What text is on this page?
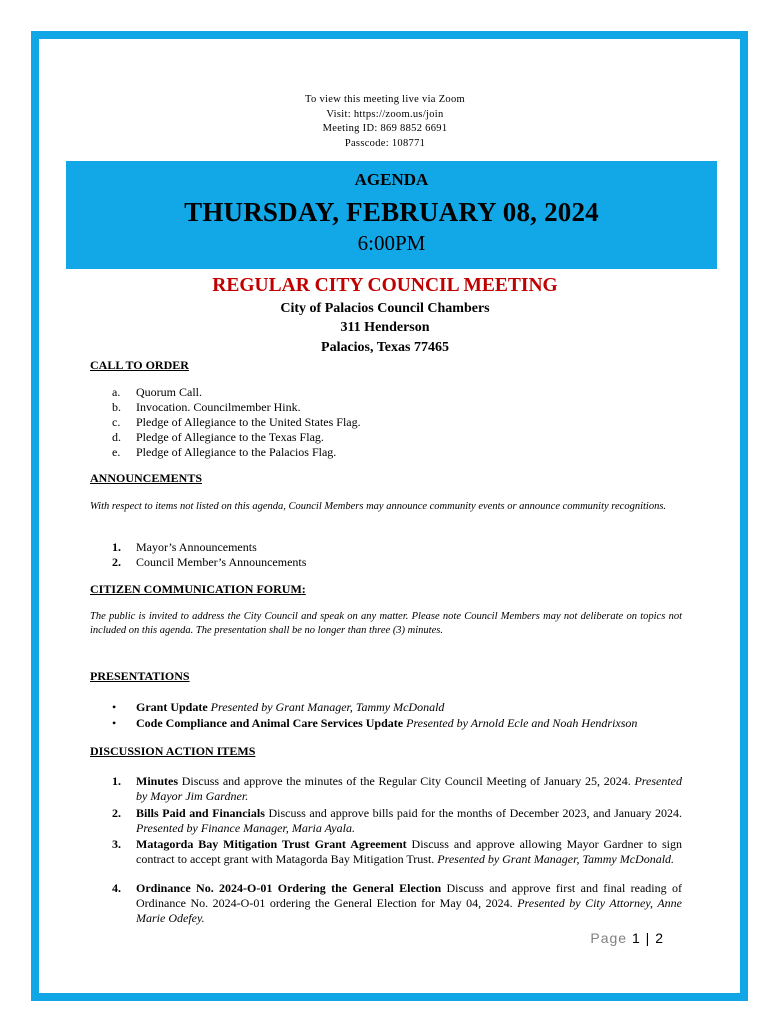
To view this meeting live via Zoom
Visit: https://zoom.us/join
Meeting ID: 869 8852 6691
Passcode: 108771
AGENDA
THURSDAY, FEBRUARY 08, 2024
6:00PM
REGULAR CITY COUNCIL MEETING
City of Palacios Council Chambers
311 Henderson
Palacios, Texas 77465
CALL TO ORDER
a.	Quorum Call.
b.	Invocation. Councilmember Hink.
c.	Pledge of Allegiance to the United States Flag.
d.	Pledge of Allegiance to the Texas Flag.
e.	Pledge of Allegiance to the Palacios Flag.
ANNOUNCEMENTS
With respect to items not listed on this agenda, Council Members may announce community events or announce community recognitions.
1.	Mayor’s Announcements
2.	Council Member’s Announcements
CITIZEN COMMUNICATION FORUM:
The public is invited to address the City Council and speak on any matter. Please note Council Members may not deliberate on topics not included on this agenda. The presentation shall be no longer than three (3) minutes.
PRESENTATIONS
• Grant Update Presented by Grant Manager, Tammy McDonald
• Code Compliance and Animal Care Services Update Presented by Arnold Ecle and Noah Hendrixson
DISCUSSION ACTION ITEMS
1. Minutes Discuss and approve the minutes of the Regular City Council Meeting of January 25, 2024. Presented by Mayor Jim Gardner.
2. Bills Paid and Financials Discuss and approve bills paid for the months of December 2023, and January 2024. Presented by Finance Manager, Maria Ayala.
3. Matagorda Bay Mitigation Trust Grant Agreement Discuss and approve allowing Mayor Gardner to sign contract to accept grant with Matagorda Bay Mitigation Trust. Presented by Grant Manager, Tammy McDonald.
4. Ordinance No. 2024-O-01 Ordering the General Election Discuss and approve first and final reading of Ordinance No. 2024-O-01 ordering the General Election for May 04, 2024. Presented by City Attorney, Anne Marie Odefey.
Page 1 | 2
